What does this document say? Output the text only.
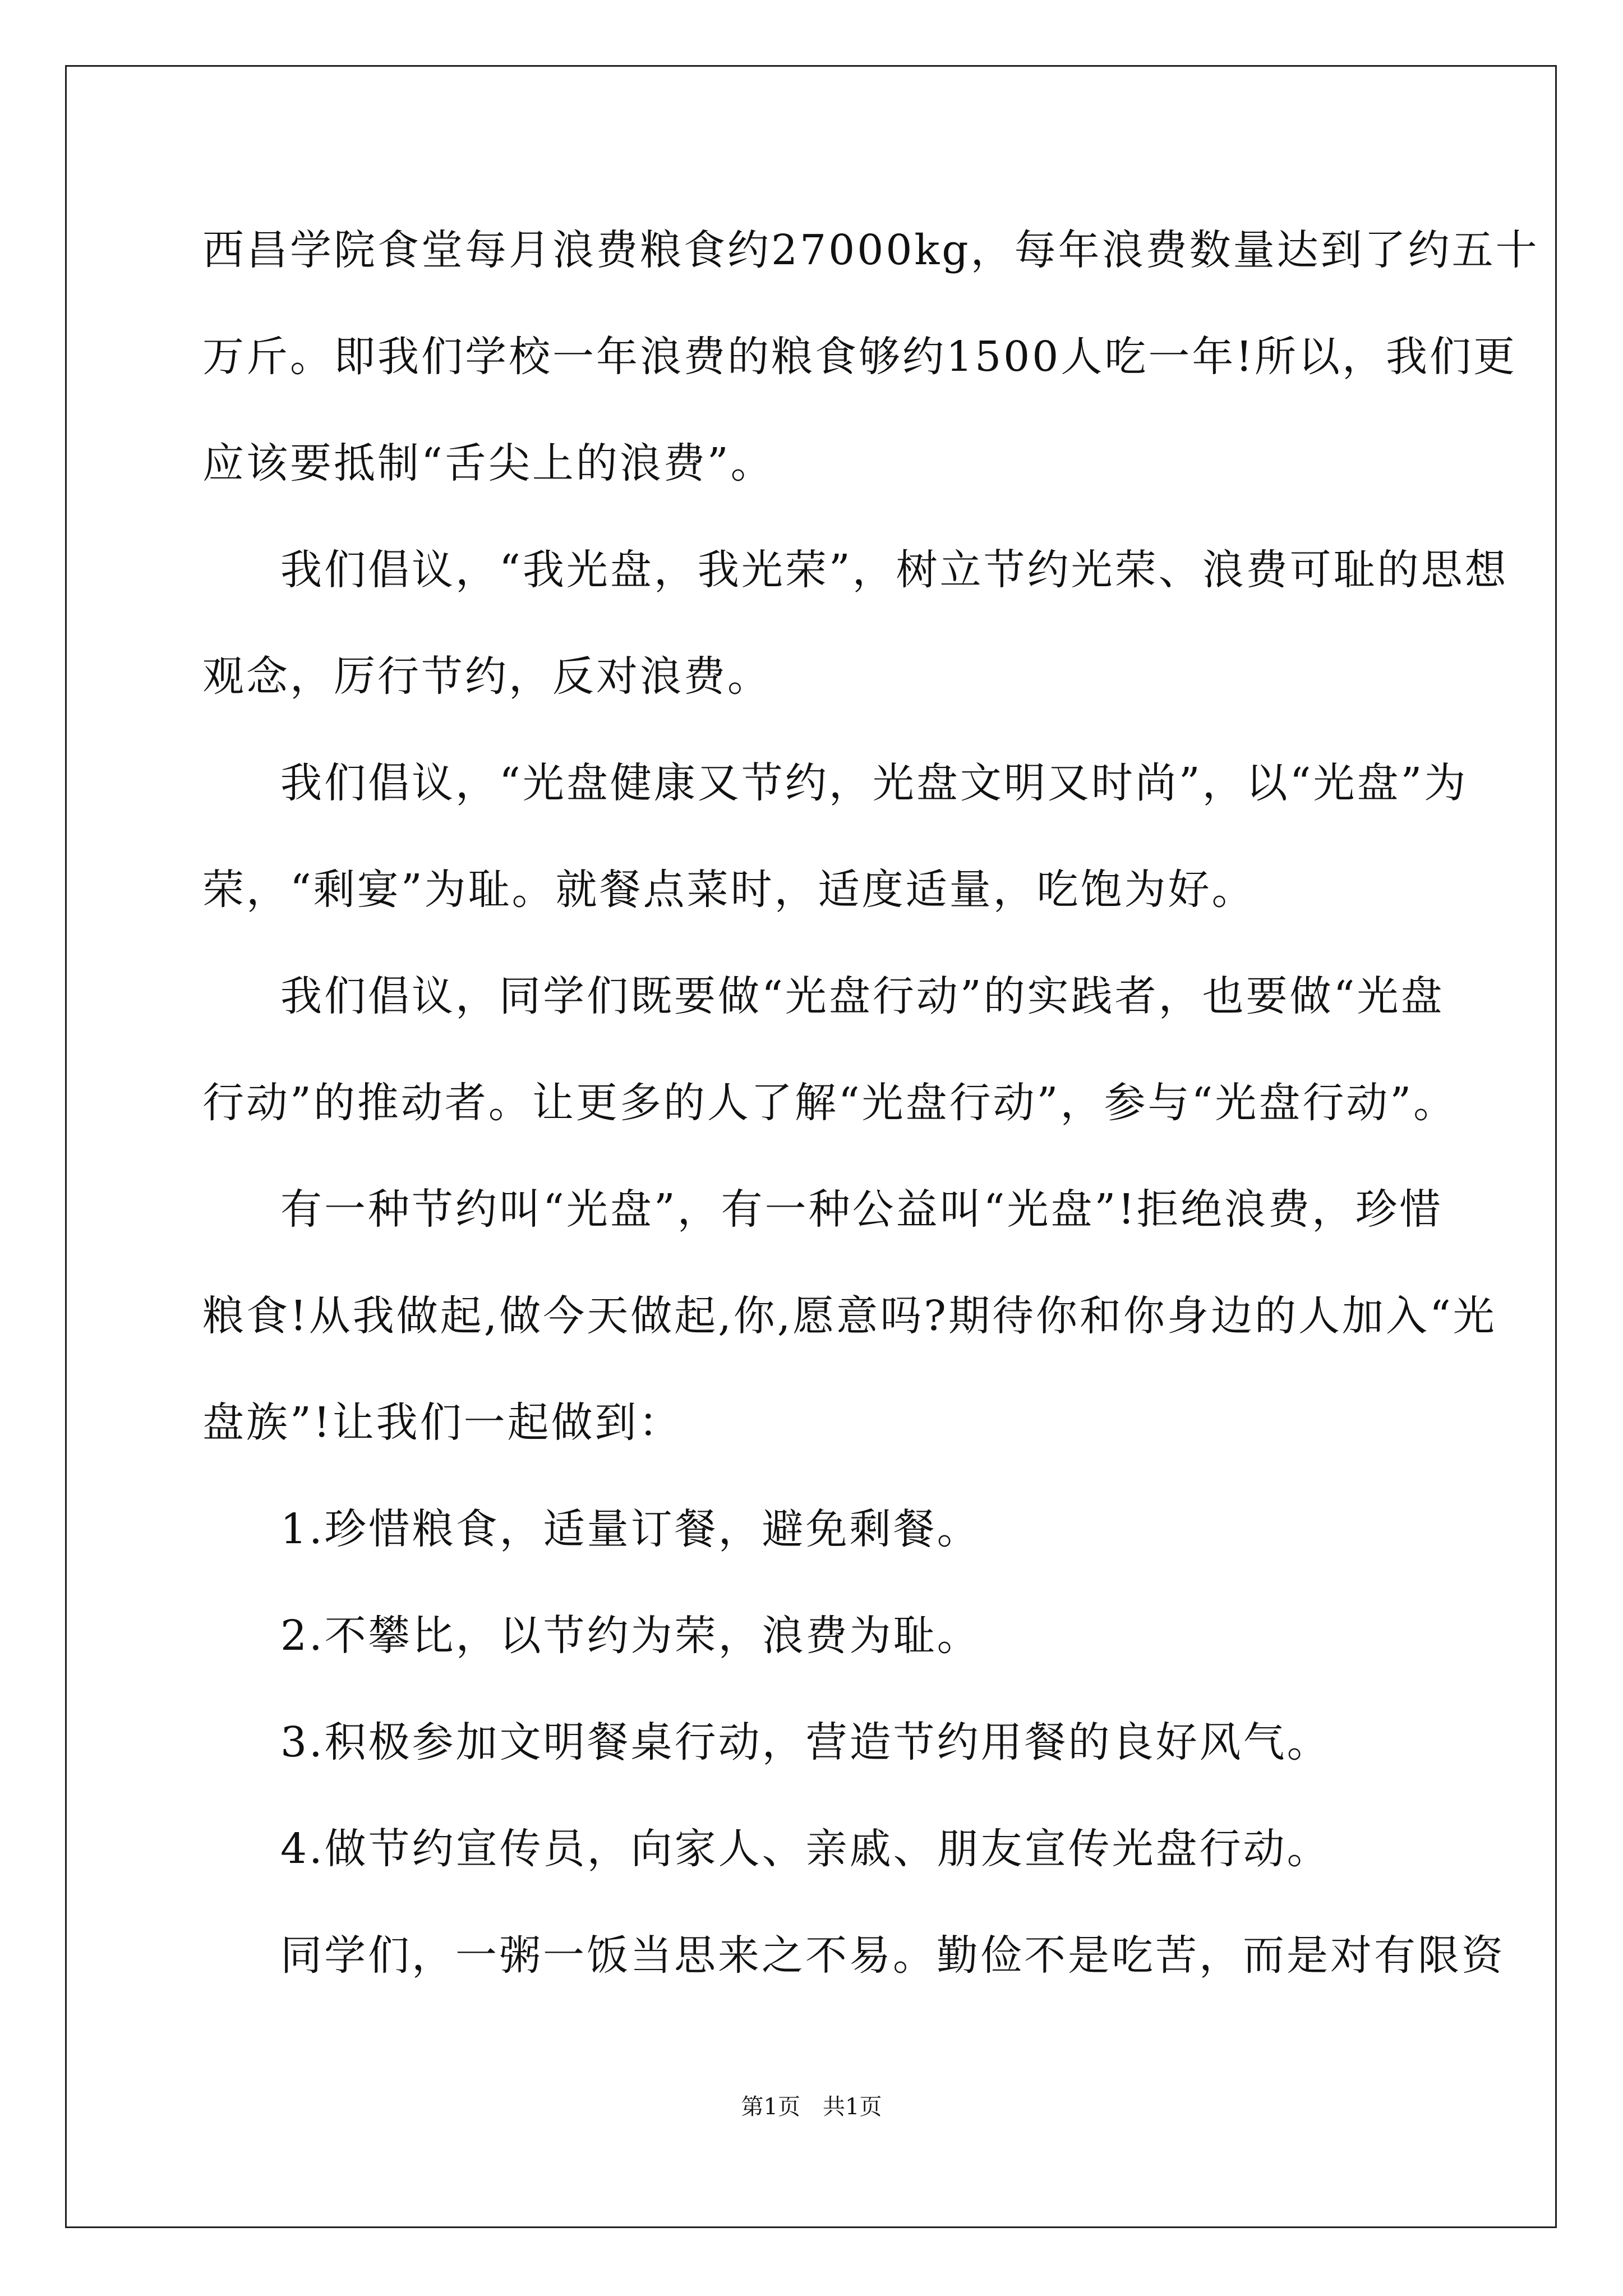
西昌学院食堂每月浪费粮食约27000kg，每年浪费数量达到了约五十
万斤。即我们学校一年浪费的粮食够约1500人吃一年!所以，我们更
应该要抵制“舌尖上的浪费”。
我们倡议，“我光盘，我光荣”，树立节约光荣、浪费可耻的思想
观念，厉行节约，反对浪费。
我们倡议，“光盘健康又节约，光盘文明又时尚”，以“光盘”为
荣，“剩宴”为耻。就餐点菜时，适度适量，吃饱为好。
我们倡议，同学们既要做“光盘行动”的实践者，也要做“光盘
行动”的推动者。让更多的人了解“光盘行动”，参与“光盘行动”。
有一种节约叫“光盘”，有一种公益叫“光盘”!拒绝浪费，珍惜
粮食!从我做起,做今天做起,你,愿意吗?期待你和你身边的人加入“光
盘族”!让我们一起做到：
1.珍惜粮食，适量订餐，避免剩餐。
2.不攀比，以节约为荣，浪费为耻。
3.积极参加文明餐桌行动，营造节约用餐的良好风气。
4.做节约宣传员，向家人、亲戚、朋友宣传光盘行动。
同学们，一粥一饭当思来之不易。勤俭不是吃苦，而是对有限资
第1页 共1页
